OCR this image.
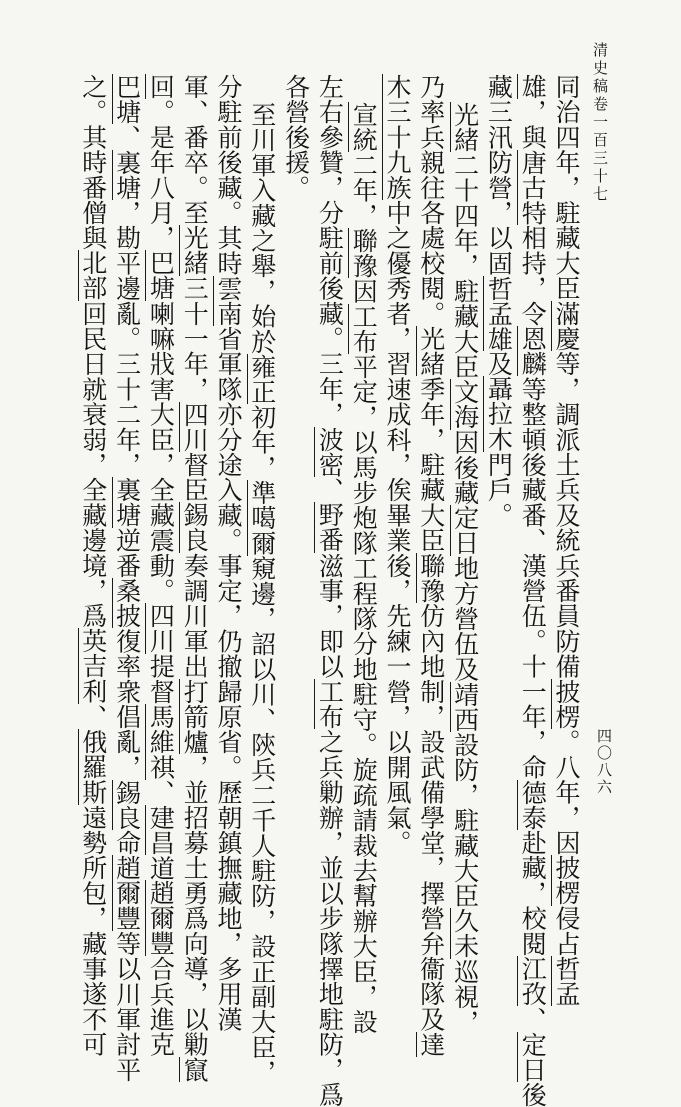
清史稿卷一百三十七
四〇八六
同治四年，駐藏大臣滿慶等，調派土兵及統兵番員防備披楞。八年，因披楞侵占哲孟
雄，與唐古特相持，令恩麟等整頓後藏番、漢營伍。十一年，命德泰赴藏，校閱江孜、定日後
藏三汛防營，以固哲孟雄及聶拉木門戶。
光緒二十四年，駐藏大臣文海因後藏定日地方營伍及靖西設防，駐藏大臣久未巡視，
乃率兵親往各處校閱。光緒季年，駐藏大臣聯豫仿內地制，設武備學堂，擇營弁衞隊及達
木三十九族中之優秀者，習速成科，俟畢業後，先練一營，以開風氣。
宣統二年，聯豫因工布平定，以馬步炮隊工程隊分地駐守。旋疏請裁去幫辦大臣，設
左右參贊，分駐前後藏。三年，波密、野番滋事，即以工布之兵勦辦，並以步隊擇地駐防，爲
各營後援。
至川軍入藏之舉，始於雍正初年，準噶爾窺邊，詔以川、陝兵二千人駐防，設正副大臣，
分駐前後藏。其時雲南省軍隊亦分途入藏。事定，仍撤歸原省。歷朝鎮撫藏地，多用漢
軍、番卒。至光緒三十一年，四川督臣錫良奏調川軍出打箭爐，並招募土勇爲向導，以勦竄
回。是年八月，巴塘喇嘛戕害大臣，全藏震動。四川提督馬維祺、建昌道趙爾豐合兵進克
巴塘、裏塘，勘平邊亂。三十二年，裏塘逆番桑披復率衆倡亂，錫良命趙爾豐等以川軍討平
之。其時番僧與北部回民日就衰弱，全藏邊境，爲英吉利、俄羅斯遠勢所包，藏事遂不可
